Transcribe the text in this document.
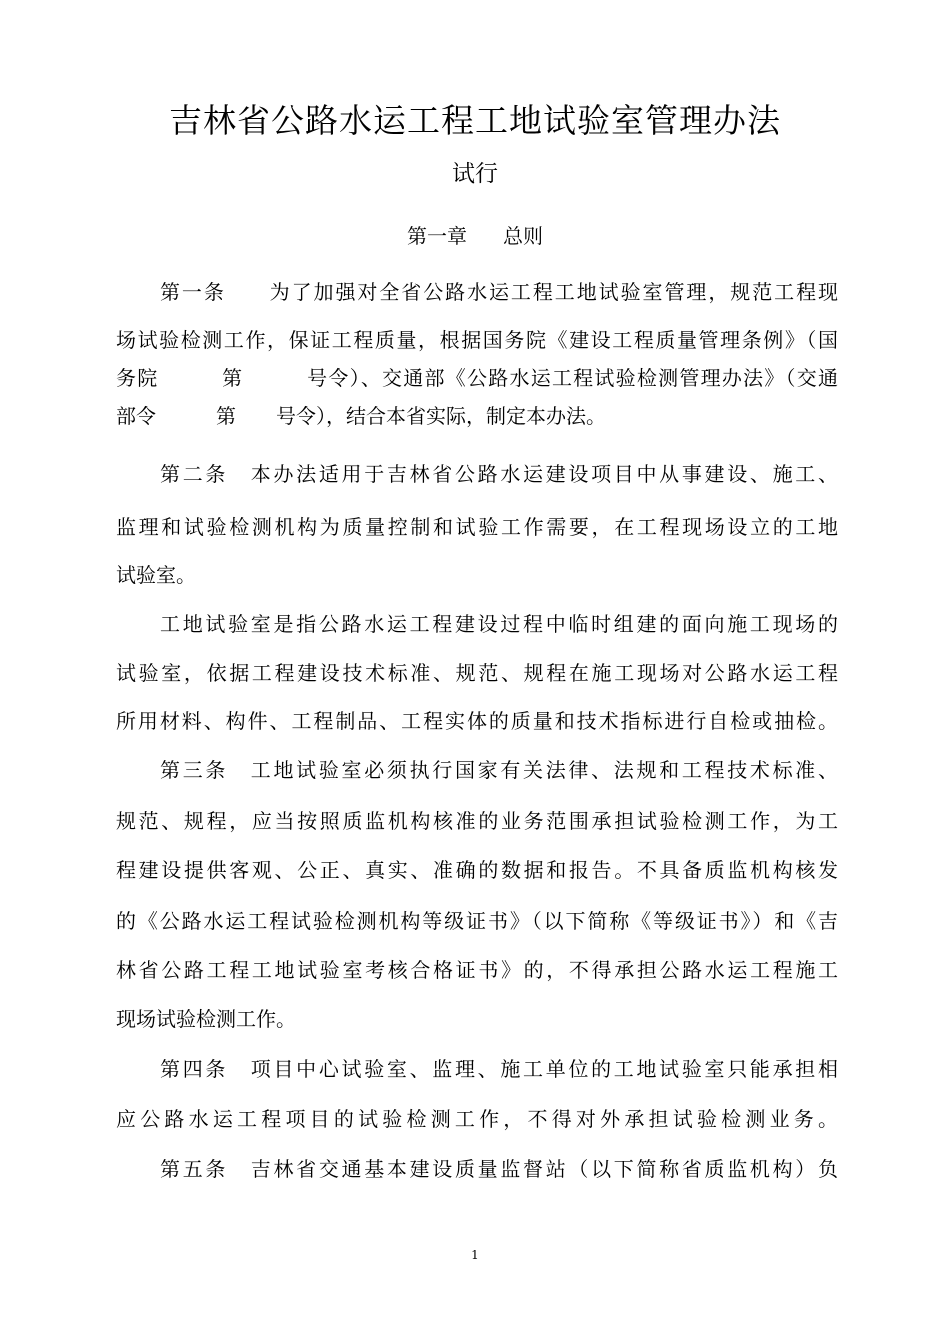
吉林省公路水运工程工地试验室管理办法
试行
第一章 总则
第一条　　为了加强对全省公路水运工程工地试验室管理，规范工程现
场试验检测工作，保证工程质量，根据国务院《建设工程质量管理条例》（国
务院　　　第　　　号令）、交通部《公路水运工程试验检测管理办法》（交通
部令　　　第　　号令），结合本省实际，制定本办法。
第二条　本办法适用于吉林省公路水运建设项目中从事建设、施工、
监理和试验检测机构为质量控制和试验工作需要，在工程现场设立的工地
试验室。
工地试验室是指公路水运工程建设过程中临时组建的面向施工现场的
试验室，依据工程建设技术标准、规范、规程在施工现场对公路水运工程
所用材料、构件、工程制品、工程实体的质量和技术指标进行自检或抽检。
第三条　工地试验室必须执行国家有关法律、法规和工程技术标准、
规范、规程，应当按照质监机构核准的业务范围承担试验检测工作，为工
程建设提供客观、公正、真实、准确的数据和报告。不具备质监机构核发
的《公路水运工程试验检测机构等级证书》（以下简称《等级证书》）和《吉
林省公路工程工地试验室考核合格证书》的，不得承担公路水运工程施工
现场试验检测工作。
第四条　项目中心试验室、监理、施工单位的工地试验室只能承担相
应公路水运工程项目的试验检测工作，不得对外承担试验检测业务。
第五条　吉林省交通基本建设质量监督站（以下简称省质监机构）负
1
